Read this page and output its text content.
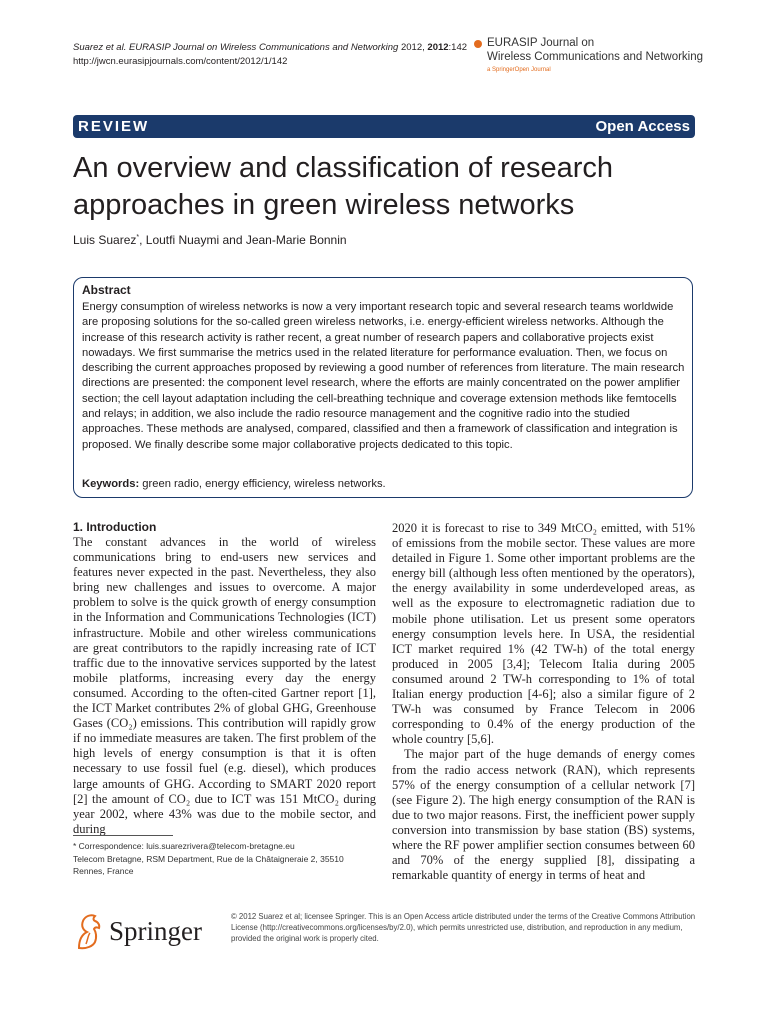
Suarez et al. EURASIP Journal on Wireless Communications and Networking 2012, 2012:142
http://jwcn.eurasipjournals.com/content/2012/1/142
EURASIP Journal on
Wireless Communications and Networking
a SpringerOpen Journal
REVIEW	Open Access
An overview and classification of research approaches in green wireless networks
Luis Suarez*, Loutfi Nuaymi and Jean-Marie Bonnin
Abstract
Energy consumption of wireless networks is now a very important research topic and several research teams worldwide are proposing solutions for the so-called green wireless networks, i.e. energy-efficient wireless networks. Although the increase of this research activity is rather recent, a great number of research papers and collaborative projects exist nowadays. We first summarise the metrics used in the related literature for performance evaluation. Then, we focus on describing the current approaches proposed by reviewing a good number of references from literature. The main research directions are presented: the component level research, where the efforts are mainly concentrated on the power amplifier section; the cell layout adaptation including the cell-breathing technique and coverage extension methods like femtocells and relays; in addition, we also include the radio resource management and the cognitive radio into the studied approaches. These methods are analysed, compared, classified and then a framework of classification and integration is proposed. We finally describe some major collaborative projects dedicated to this topic.
Keywords: green radio, energy efficiency, wireless networks.
1. Introduction

The constant advances in the world of wireless communications bring to end-users new services and features never expected in the past. Nevertheless, they also bring new challenges and issues to overcome. A major problem to solve is the quick growth of energy consumption in the Information and Communications Technologies (ICT) infrastructure. Mobile and other wireless communications are great contributors to the rapidly increasing rate of ICT traffic due to the innovative services supported by the latest mobile platforms, increasing every day the energy consumed. According to the often-cited Gartner report [1], the ICT Market contributes 2% of global GHG, Greenhouse Gases (CO₂) emissions. This contribution will rapidly grow if no immediate measures are taken. The first problem of the high levels of energy consumption is that it is often necessary to use fossil fuel (e.g. diesel), which produces large amounts of GHG. According to SMART 2020 report [2] the amount of CO₂ due to ICT was 151 MtCO₂ during year 2002, where 43% was due to the mobile sector, and during

2020 it is forecast to rise to 349 MtCO₂ emitted, with 51% of emissions from the mobile sector. These values are more detailed in Figure 1. Some other important problems are the energy bill (although less often mentioned by the operators), the energy availability in some underdeveloped areas, as well as the exposure to electromagnetic radiation due to mobile phone utilisation. Let us present some operators energy consumption levels here. In USA, the residential ICT market required 1% (42 TW-h) of the total energy produced in 2005 [3,4]; Telecom Italia during 2005 consumed around 2 TW-h corresponding to 1% of total Italian energy production [4-6]; also a similar figure of 2 TW-h was consumed by France Telecom in 2006 corresponding to 0.4% of the energy production of the whole country [5,6].

The major part of the huge demands of energy comes from the radio access network (RAN), which represents 57% of the energy consumption of a cellular network [7] (see Figure 2). The high energy consumption of the RAN is due to two major reasons. First, the inefficient power supply conversion into transmission by base station (BS) systems, where the RF power amplifier section consumes between 60 and 70% of the energy supplied [8], dissipating a remarkable quantity of energy in terms of heat and

* Correspondence: luis.suarezrivera@telecom-bretagne.eu
Telecom Bretagne, RSM Department, Rue de la Châtaigneraie 2, 35510 Rennes, France
Springer	© 2012 Suarez et al; licensee Springer. This is an Open Access article distributed under the terms of the Creative Commons Attribution License (http://creativecommons.org/licenses/by/2.0), which permits unrestricted use, distribution, and reproduction in any medium, provided the original work is properly cited.
